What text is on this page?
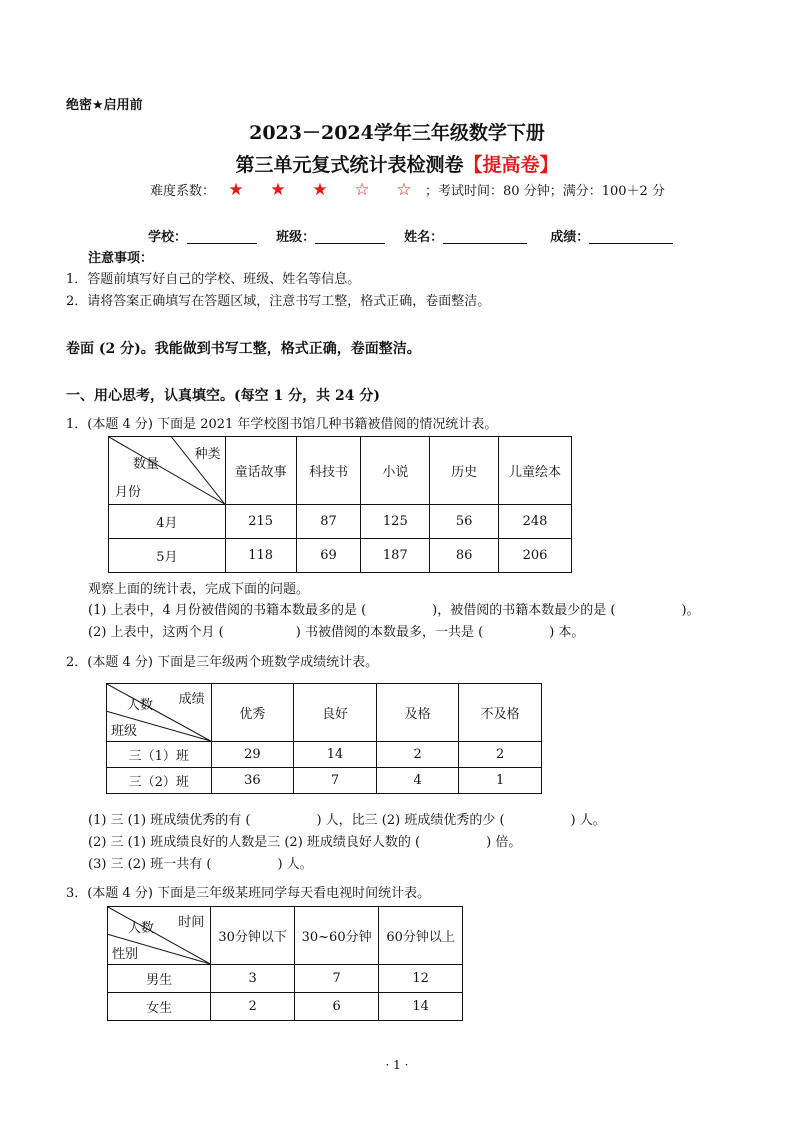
绝密★启用前
2023－2024学年三年级数学下册
第三单元复式统计表检测卷【提高卷】
难度系数： ★ ★ ★ ☆ ☆ ；考试时间：80 分钟；满分：100＋2 分
学校：	班级：	姓名：	成绩：
注意事项：
1．答题前填写好自己的学校、班级、姓名等信息。
2．请将答案正确填写在答题区域，注意书写工整，格式正确，卷面整洁。
卷面 (2 分)。我能做到书写工整，格式正确，卷面整洁。
一、用心思考，认真填空。(每空 1 分，共 24 分)
1．(本题 4 分) 下面是 2021 年学校图书馆几种书籍被借阅的情况统计表。
种类
数量
月份	童话故事	科技书	小说	历史	儿童绘本
4月	215	87	125	56	248
5月	118	69	187	86	206
观察上面的统计表，完成下面的问题。
(1) 上表中，4 月份被借阅的书籍本数最多的是 (	)，被借阅的书籍本数最少的是 (	)。
(2) 上表中，这两个月 (	) 书被借阅的本数最多，一共是 (	) 本。
2．(本题 4 分) 下面是三年级两个班数学成绩统计表。
成绩
人数
班级	优秀	良好	及格	不及格
三（1）班	29	14	2	2
三（2）班	36	7	4	1
(1) 三 (1) 班成绩优秀的有 (	) 人，比三 (2) 班成绩优秀的少 (	) 人。
(2) 三 (1) 班成绩良好的人数是三 (2) 班成绩良好人数的 (	) 倍。
(3) 三 (2) 班一共有 (	) 人。
3．(本题 4 分) 下面是三年级某班同学每天看电视时间统计表。
时间
人数
性别	30分钟以下	30~60分钟	60分钟以上
男生	3	7	12
女生	2	6	14
· 1 ·
